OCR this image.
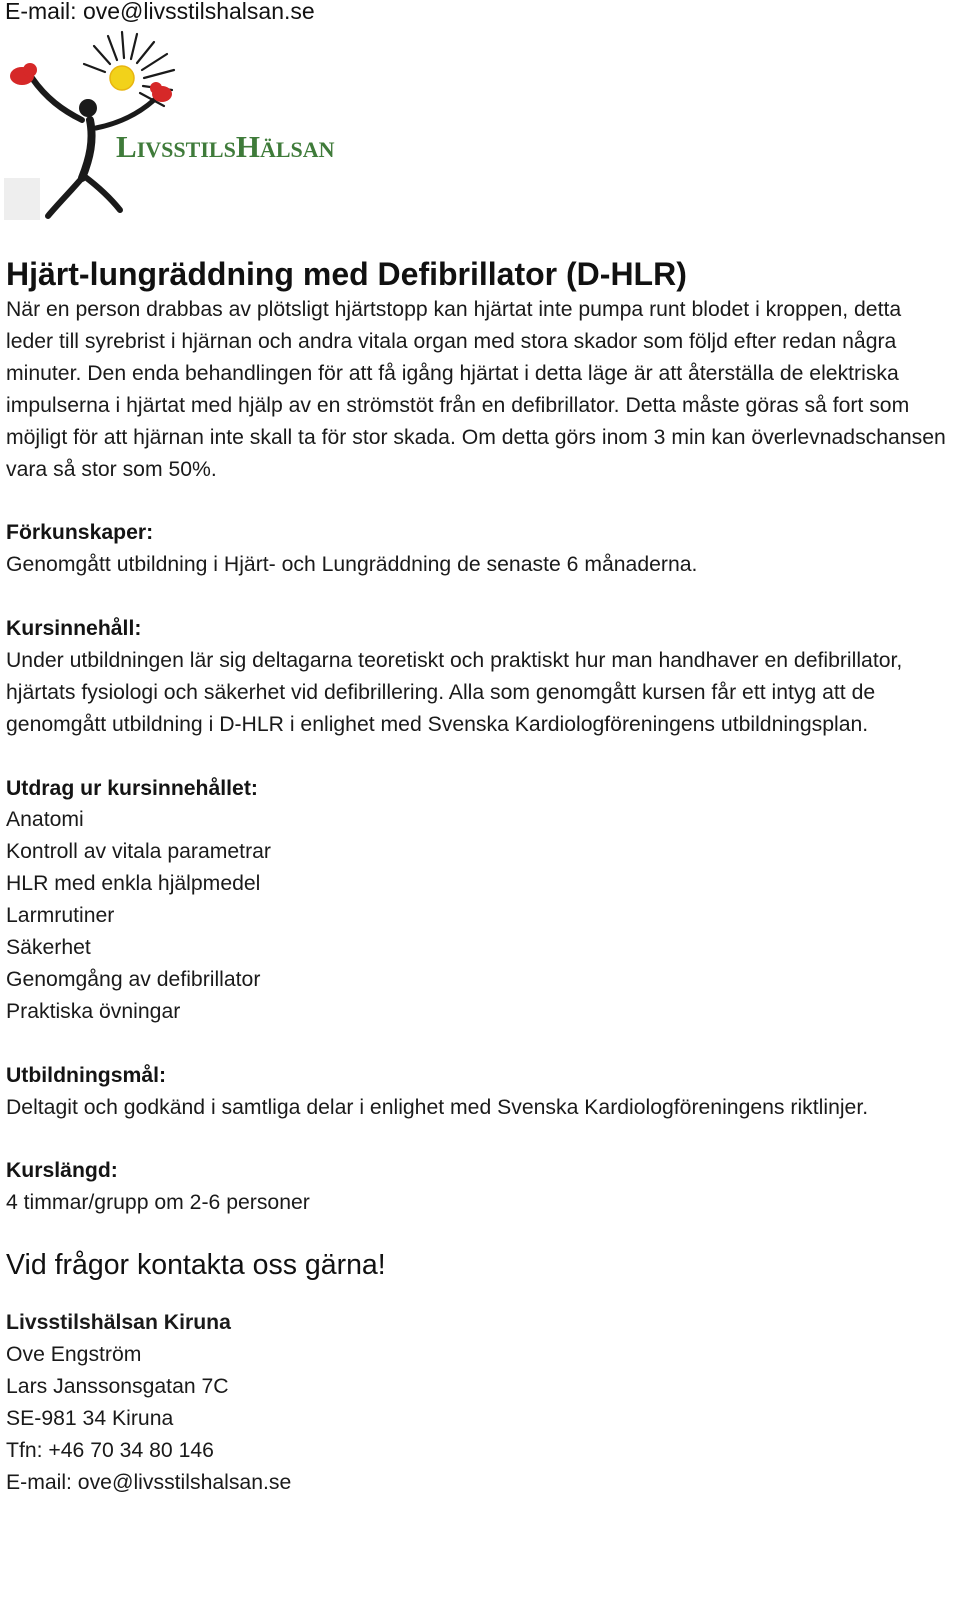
E-mail: ove@livsstilshalsan.se
LIVSSTILSHÄLSAN
Hjärt-lungräddning med Defibrillator (D-HLR)

När en person drabbas av plötsligt hjärtstopp kan hjärtat inte pumpa runt blodet i kroppen, detta leder till syrebrist i hjärnan och andra vitala organ med stora skador som följd efter redan några minuter. Den enda behandlingen för att få igång hjärtat i detta läge är att återställa de elektriska impulserna i hjärtat med hjälp av en strömstöt från en defibrillator. Detta måste göras så fort som möjligt för att hjärnan inte skall ta för stor skada. Om detta görs inom 3 min kan överlevnadschansen vara så stor som 50%.

Förkunskaper:

Genomgått utbildning i Hjärt- och Lungräddning de senaste 6 månaderna.

Kursinnehåll:

Under utbildningen lär sig deltagarna teoretiskt och praktiskt hur man handhaver en defibrillator, hjärtats fysiologi och säkerhet vid defibrillering. Alla som genomgått kursen får ett intyg att de genomgått utbildning i D-HLR i enlighet med Svenska Kardiologföreningens utbildningsplan.

Utdrag ur kursinnehållet:

Anatomi
Kontroll av vitala parametrar
HLR med enkla hjälpmedel
Larmrutiner
Säkerhet
Genomgång av defibrillator
Praktiska övningar

Utbildningsmål:

Deltagit och godkänd i samtliga delar i enlighet med Svenska Kardiologföreningens riktlinjer.

Kurslängd:

4 timmar/grupp om 2-6 personer

Vid frågor kontakta oss gärna!

Livsstilshälsan Kiruna

Ove Engström

Lars Janssonsgatan 7C

SE-981 34 Kiruna

Tfn: +46 70 34 80 146

E-mail: ove@livsstilshalsan.se
